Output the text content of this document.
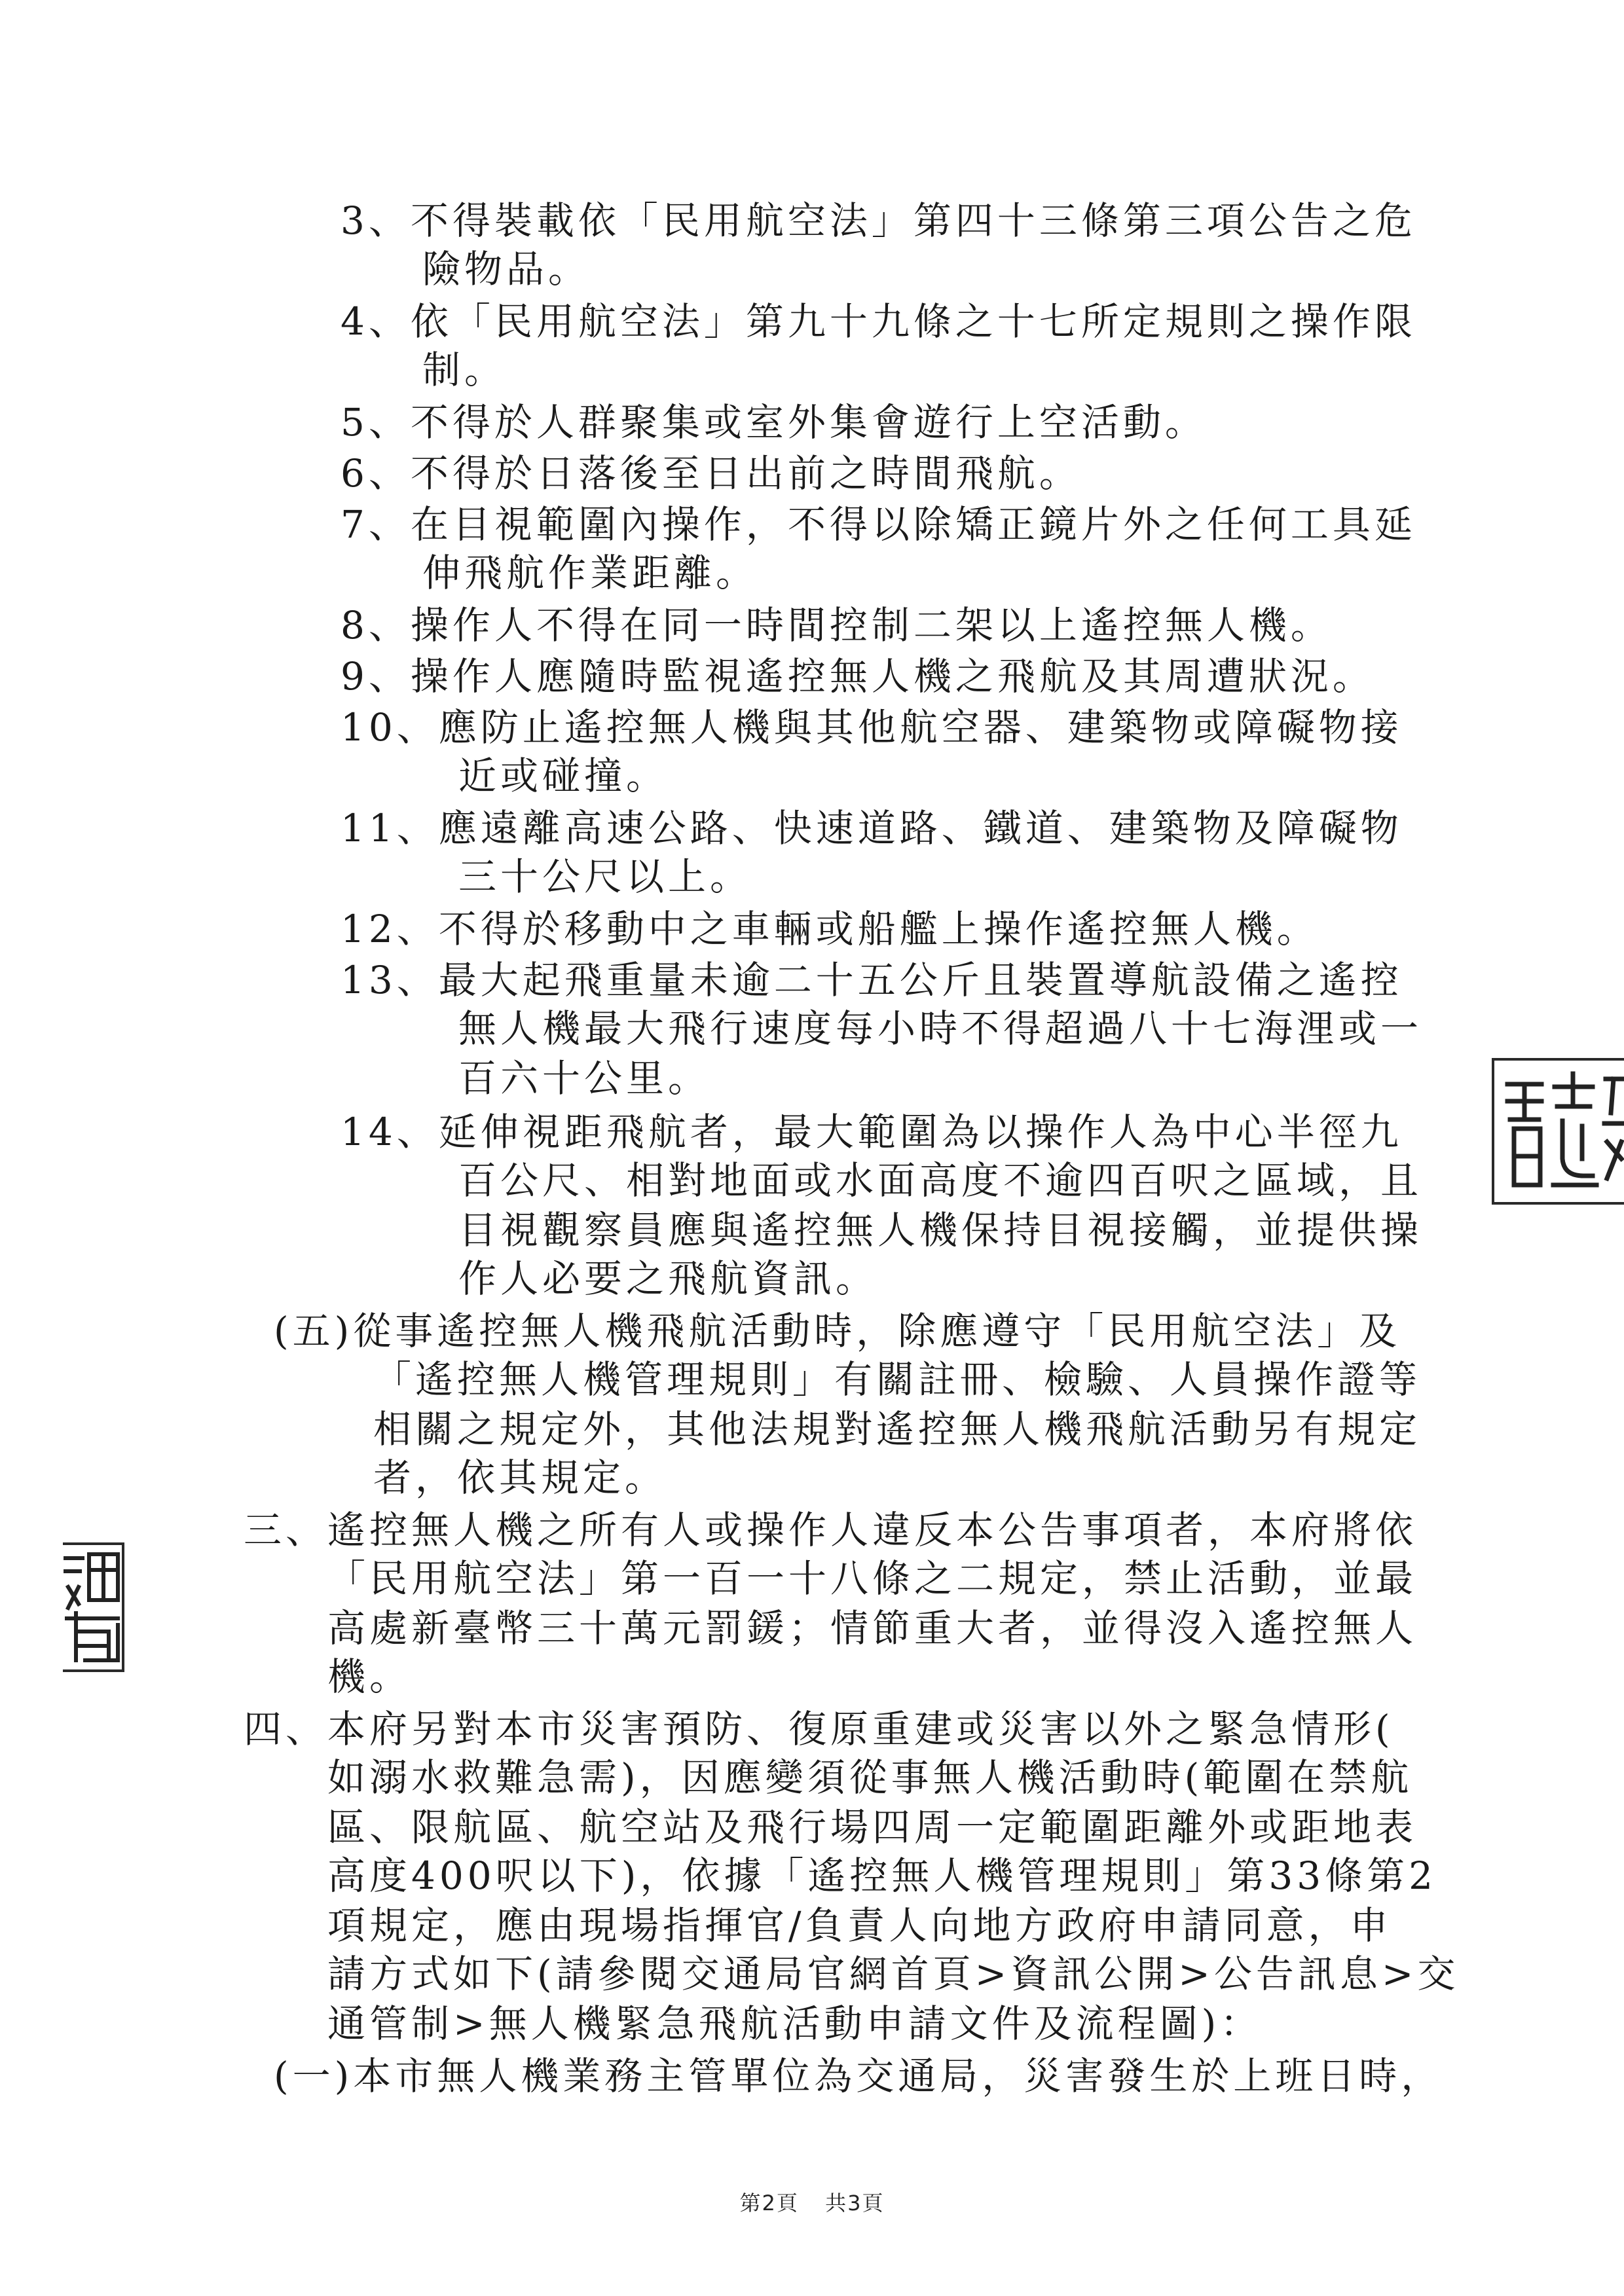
3、不得裝載依「民用航空法」第四十三條第三項公告之危
險物品。
4、依「民用航空法」第九十九條之十七所定規則之操作限
制。
5、不得於人群聚集或室外集會遊行上空活動。
6、不得於日落後至日出前之時間飛航。
7、在目視範圍內操作，不得以除矯正鏡片外之任何工具延
伸飛航作業距離。
8、操作人不得在同一時間控制二架以上遙控無人機。
9、操作人應隨時監視遙控無人機之飛航及其周遭狀況。
10、應防止遙控無人機與其他航空器、建築物或障礙物接
近或碰撞。
11、應遠離高速公路、快速道路、鐵道、建築物及障礙物
三十公尺以上。
12、不得於移動中之車輛或船艦上操作遙控無人機。
13、最大起飛重量未逾二十五公斤且裝置導航設備之遙控
無人機最大飛行速度每小時不得超過八十七海浬或一
百六十公里。
14、延伸視距飛航者，最大範圍為以操作人為中心半徑九
百公尺、相對地面或水面高度不逾四百呎之區域，且
目視觀察員應與遙控無人機保持目視接觸，並提供操
作人必要之飛航資訊。
(五)從事遙控無人機飛航活動時，除應遵守「民用航空法」及
「遙控無人機管理規則」有關註冊、檢驗、人員操作證等
相關之規定外，其他法規對遙控無人機飛航活動另有規定
者，依其規定。
三、遙控無人機之所有人或操作人違反本公告事項者，本府將依
「民用航空法」第一百一十八條之二規定，禁止活動，並最
高處新臺幣三十萬元罰鍰；情節重大者，並得沒入遙控無人
機。
四、本府另對本市災害預防、復原重建或災害以外之緊急情形(
如溺水救難急需)，因應變須從事無人機活動時(範圍在禁航
區、限航區、航空站及飛行場四周一定範圍距離外或距地表
高度400呎以下)，依據「遙控無人機管理規則」第33條第2
項規定，應由現場指揮官/負責人向地方政府申請同意，申
請方式如下(請參閱交通局官網首頁>資訊公開>公告訊息>交
通管制>無人機緊急飛航活動申請文件及流程圖)：
(一)本市無人機業務主管單位為交通局，災害發生於上班日時，
第2頁 共3頁
